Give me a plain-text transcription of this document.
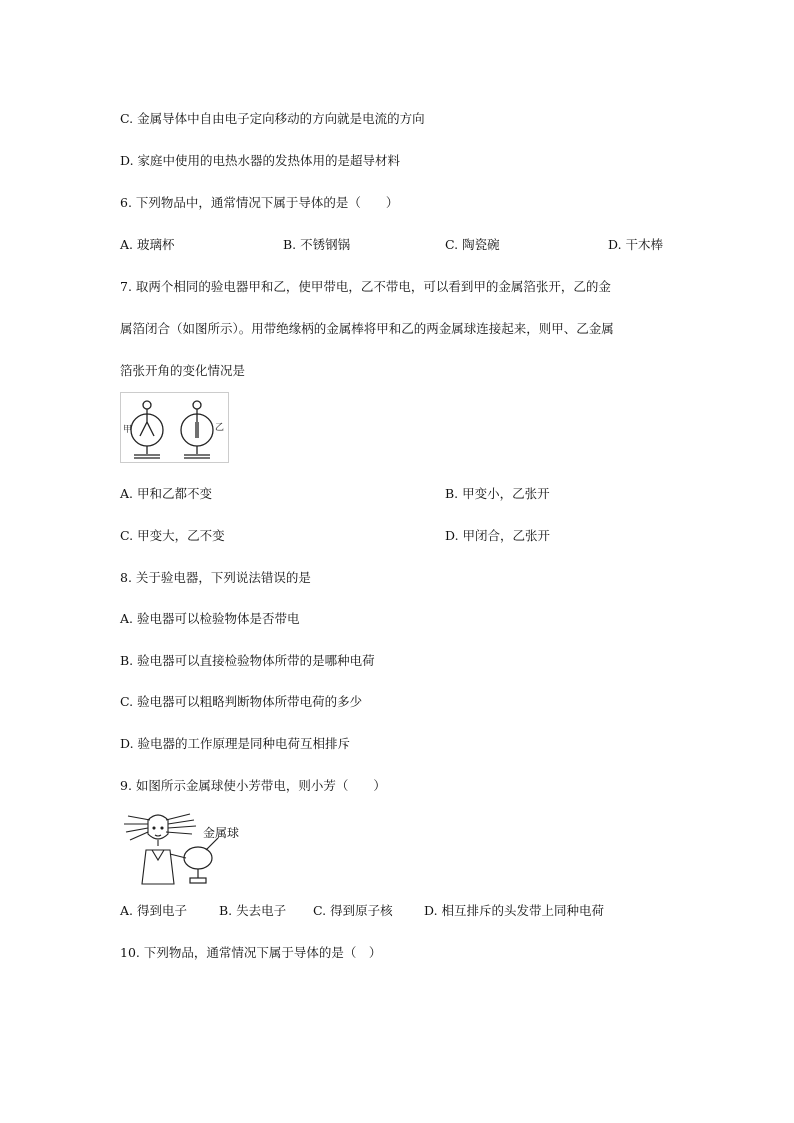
C. 金属导体中自由电子定向移动的方向就是电流的方向
D. 家庭中使用的电热水器的发热体用的是超导材料
6. 下列物品中，通常情况下属于导体的是（　　）
A. 玻璃杯	B. 不锈钢锅	C. 陶瓷碗	D. 干木棒
7. 取两个相同的验电器甲和乙，使甲带电，乙不带电，可以看到甲的金属箔张开，乙的金
属箔闭合（如图所示）。用带绝缘柄的金属棒将甲和乙的两金属球连接起来，则甲、乙金属
箔张开角的变化情况是
甲	乙
A. 甲和乙都不变	B. 甲变小，乙张开
C. 甲变大，乙不变	D. 甲闭合，乙张开
8. 关于验电器，下列说法错误的是
A. 验电器可以检验物体是否带电
B. 验电器可以直接检验物体所带的是哪种电荷
C. 验电器可以粗略判断物体所带电荷的多少
D. 验电器的工作原理是同种电荷互相排斥
9. 如图所示金属球使小芳带电，则小芳（　　）
金属球
A. 得到电子	B. 失去电子 C. 得到原子核	D. 相互排斥的头发带上同种电荷
10. 下列物品，通常情况下属于导体的是（　）
